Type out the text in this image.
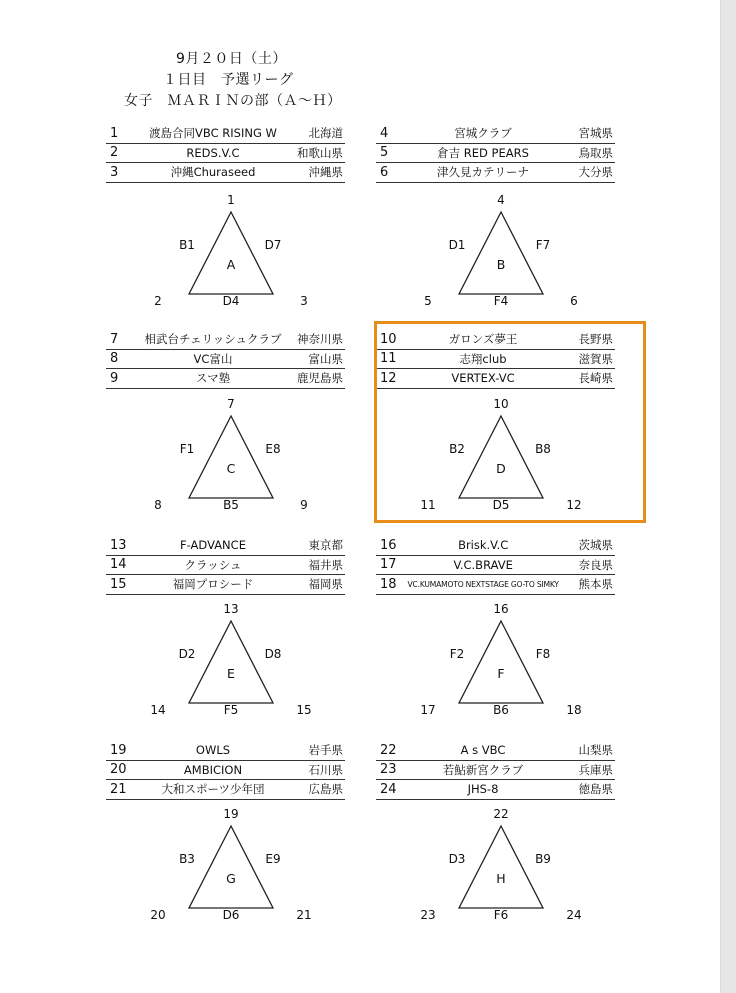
9月２０日（土）
１日目　予選リーグ
女子　ＭＡＲＩＮの部（Ａ〜Ｈ）
1
B1	D7
2	3
D4
A
4
D1	F7
5	6
F4
B
7
F1	E8
8	9
B5
C
10
B2	B8
11	12
D5
D
13
D2	D8
14	15
F5
E
16
F2	F8
17	18
B6
F
19
B3	E9
20	21
D6
G
22
D3	B9
23	24
F6
H
1	渡島合同VBC RISING W	北海道
2	REDS.V.C	和歌山県
3	沖縄Churaseed	沖縄県
4	宮城クラブ	宮城県
5	倉吉 RED PEARS	鳥取県
6	津久見カテリーナ	大分県
7	相武台チェリッシュクラブ	神奈川県
8	VC富山	富山県
9	スマ塾	鹿児島県
10	ガロンズ夢王	長野県
11	志翔club	滋賀県
12	VERTEX-VC	長崎県
13	F-ADVANCE	東京都
14	クラッシュ	福井県
15	福岡プロシード	福岡県
16	Brisk.V.C	茨城県
17	V.C.BRAVE	奈良県
18	VC.KUMAMOTO NEXTSTAGE GO-TO SIMKY	熊本県
19	OWLS	岩手県
20	AMBICION	石川県
21	大和スポーツ少年団	広島県
22	A s VBC	山梨県
23	若鮎新宮クラブ	兵庫県
24	JHS-8	徳島県
